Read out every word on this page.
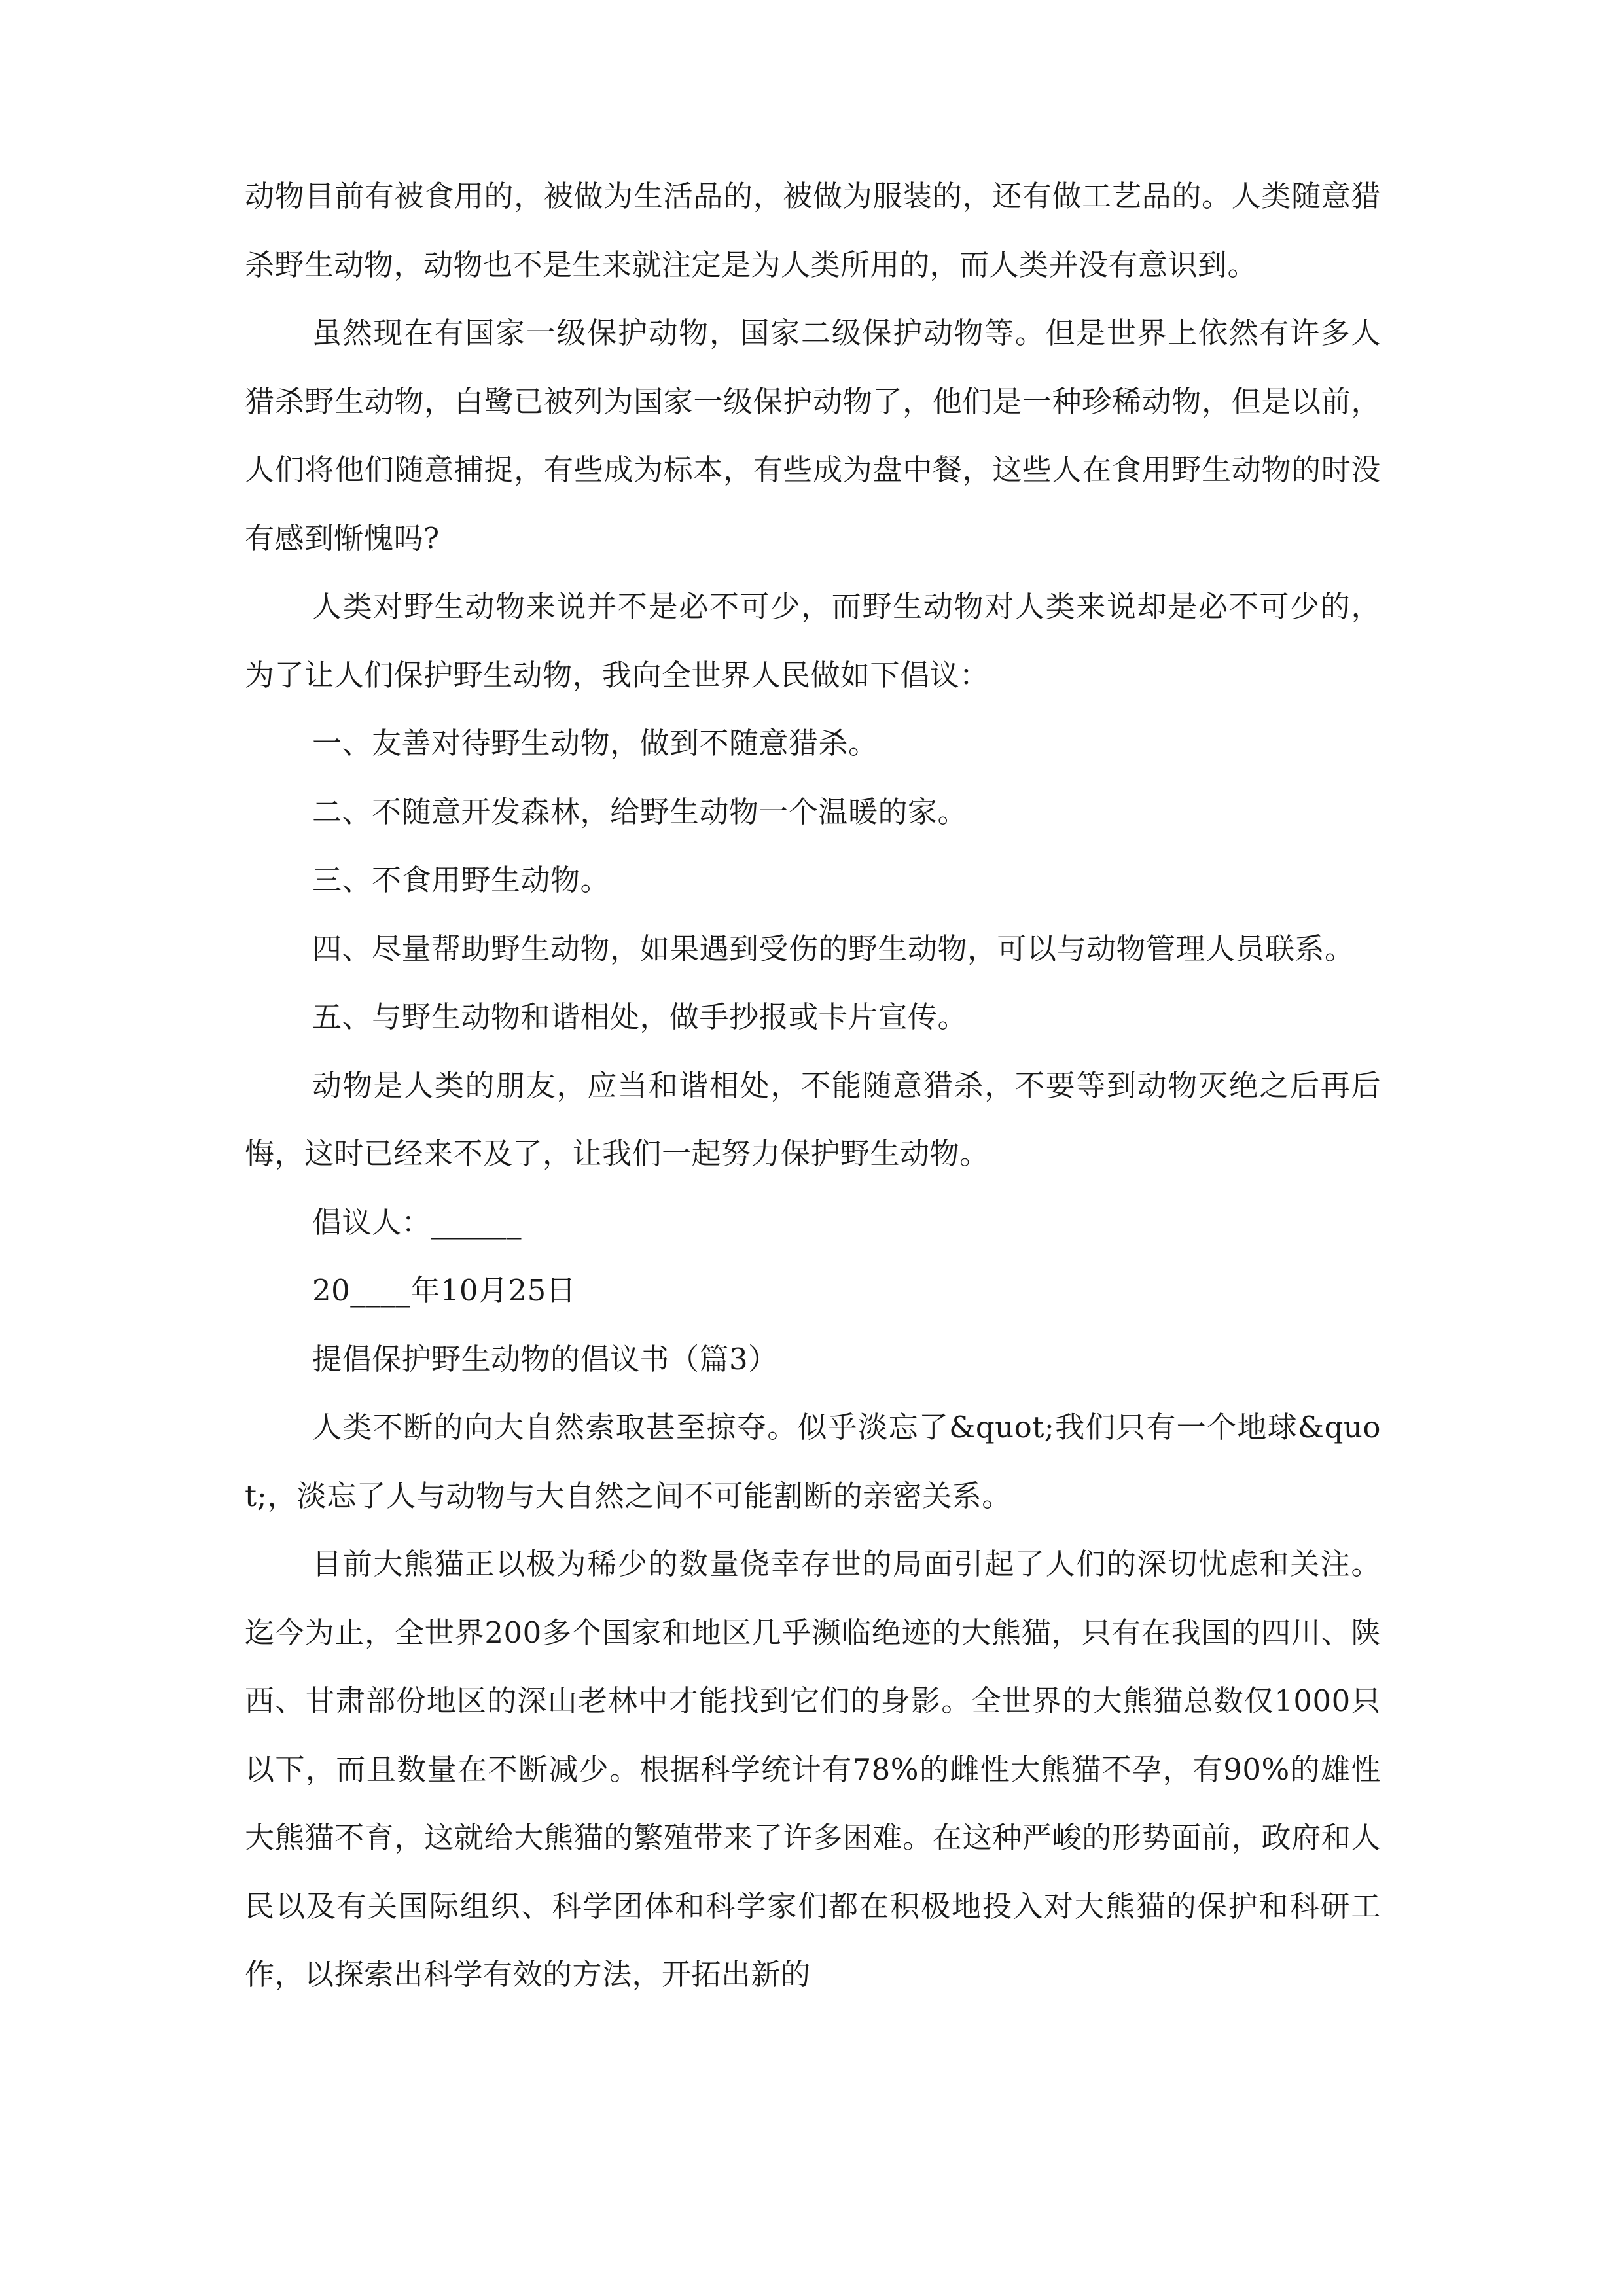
动物目前有被食用的，被做为生活品的，被做为服装的，还有做工艺品的。人类随意猎杀野生动物，动物也不是生来就注定是为人类所用的，而人类并没有意识到。

虽然现在有国家一级保护动物，国家二级保护动物等。但是世界上依然有许多人猎杀野生动物，白鹭已被列为国家一级保护动物了，他们是一种珍稀动物，但是以前，人们将他们随意捕捉，有些成为标本，有些成为盘中餐，这些人在食用野生动物的时没有感到惭愧吗?

人类对野生动物来说并不是必不可少，而野生动物对人类来说却是必不可少的，为了让人们保护野生动物，我向全世界人民做如下倡议：

一、友善对待野生动物，做到不随意猎杀。

二、不随意开发森林，给野生动物一个温暖的家。

三、不食用野生动物。

四、尽量帮助野生动物，如果遇到受伤的野生动物，可以与动物管理人员联系。

五、与野生动物和谐相处，做手抄报或卡片宣传。

动物是人类的朋友，应当和谐相处，不能随意猎杀，不要等到动物灭绝之后再后悔，这时已经来不及了，让我们一起努力保护野生动物。

倡议人：______

20____年10月25日

提倡保护野生动物的倡议书（篇3）

人类不断的向大自然索取甚至掠夺。似乎淡忘了&quot;我们只有一个地球&quot;，淡忘了人与动物与大自然之间不可能割断的亲密关系。

目前大熊猫正以极为稀少的数量侥幸存世的局面引起了人们的深切忧虑和关注。迄今为止，全世界200多个国家和地区几乎濒临绝迹的大熊猫，只有在我国的四川、陕西、甘肃部份地区的深山老林中才能找到它们的身影。全世界的大熊猫总数仅1000只以下，而且数量在不断减少。根据科学统计有78%的雌性大熊猫不孕，有90%的雄性大熊猫不育，这就给大熊猫的繁殖带来了许多困难。在这种严峻的形势面前，政府和人民以及有关国际组织、科学团体和科学家们都在积极地投入对大熊猫的保护和科研工作，以探索出科学有效的方法，开拓出新的
